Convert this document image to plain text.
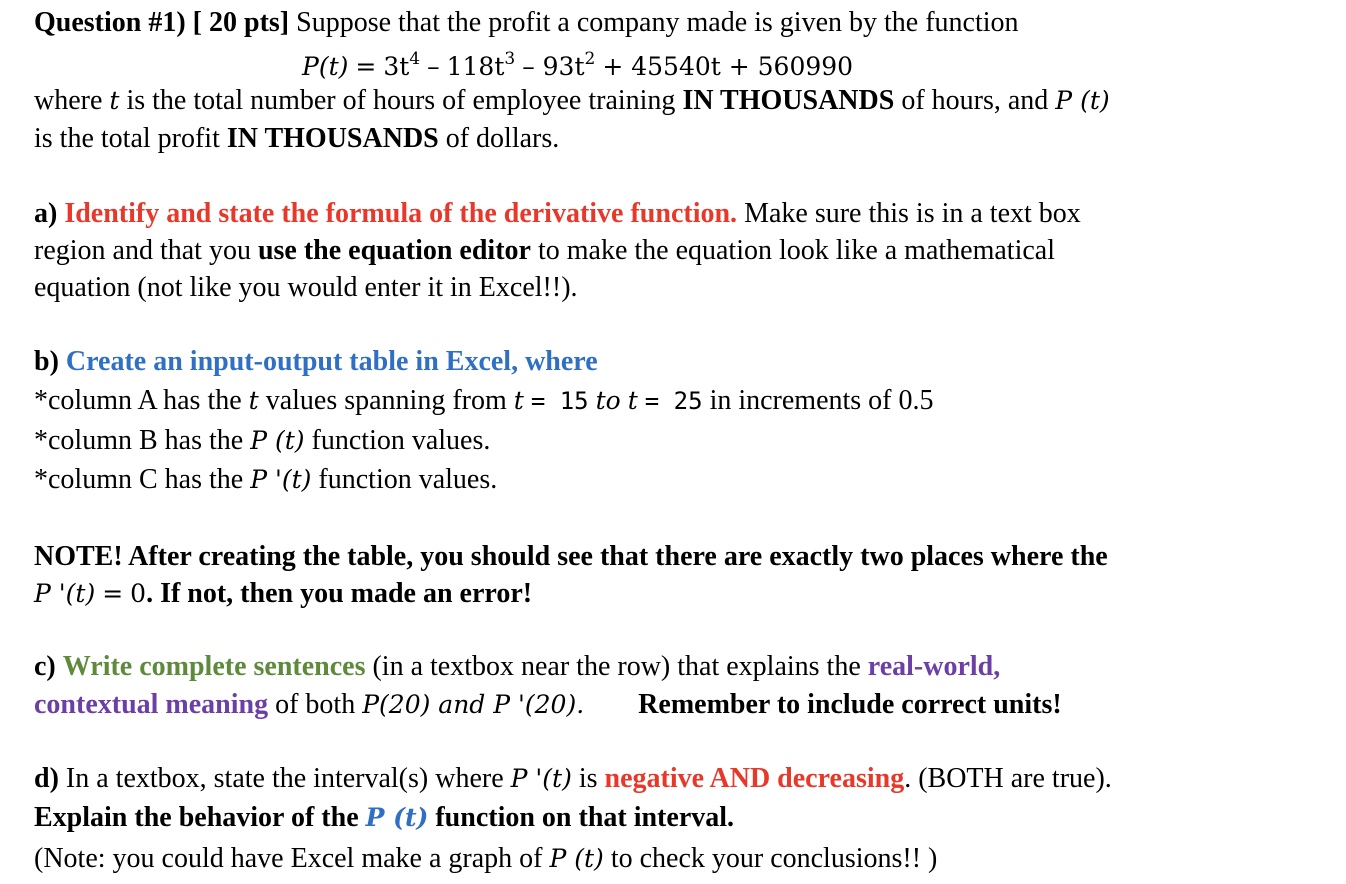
Question #1) [ 20 pts] Suppose that the profit a company made is given by the function
$P(t) = 3t^4 - 118t^3 - 93t^2 + 45540t + 560990$
where t is the total number of hours of employee training IN THOUSANDS of hours, and P (t)
is the total profit IN THOUSANDS of dollars.
a) Identify and state the formula of the derivative function. Make sure this is in a text box
region and that you use the equation editor to make the equation look like a mathematical
equation (not like you would enter it in Excel!!).
b) Create an input-output table in Excel, where
*column A has the t values spanning from t = 15 to t = 25 in increments of 0.5
*column B has the P (t) function values.
*column C has the P '(t) function values.
NOTE! After creating the table, you should see that there are exactly two places where the
P '(t) = 0. If not, then you made an error!
c) Write complete sentences (in a textbox near the row) that explains the real-world,
contextual meaning of both P(20) and P '(20). Remember to include correct units!
d) In a textbox, state the interval(s) where P '(t) is negative AND decreasing. (BOTH are true).
Explain the behavior of the P (t) function on that interval.
(Note: you could have Excel make a graph of P (t) to check your conclusions!! )
